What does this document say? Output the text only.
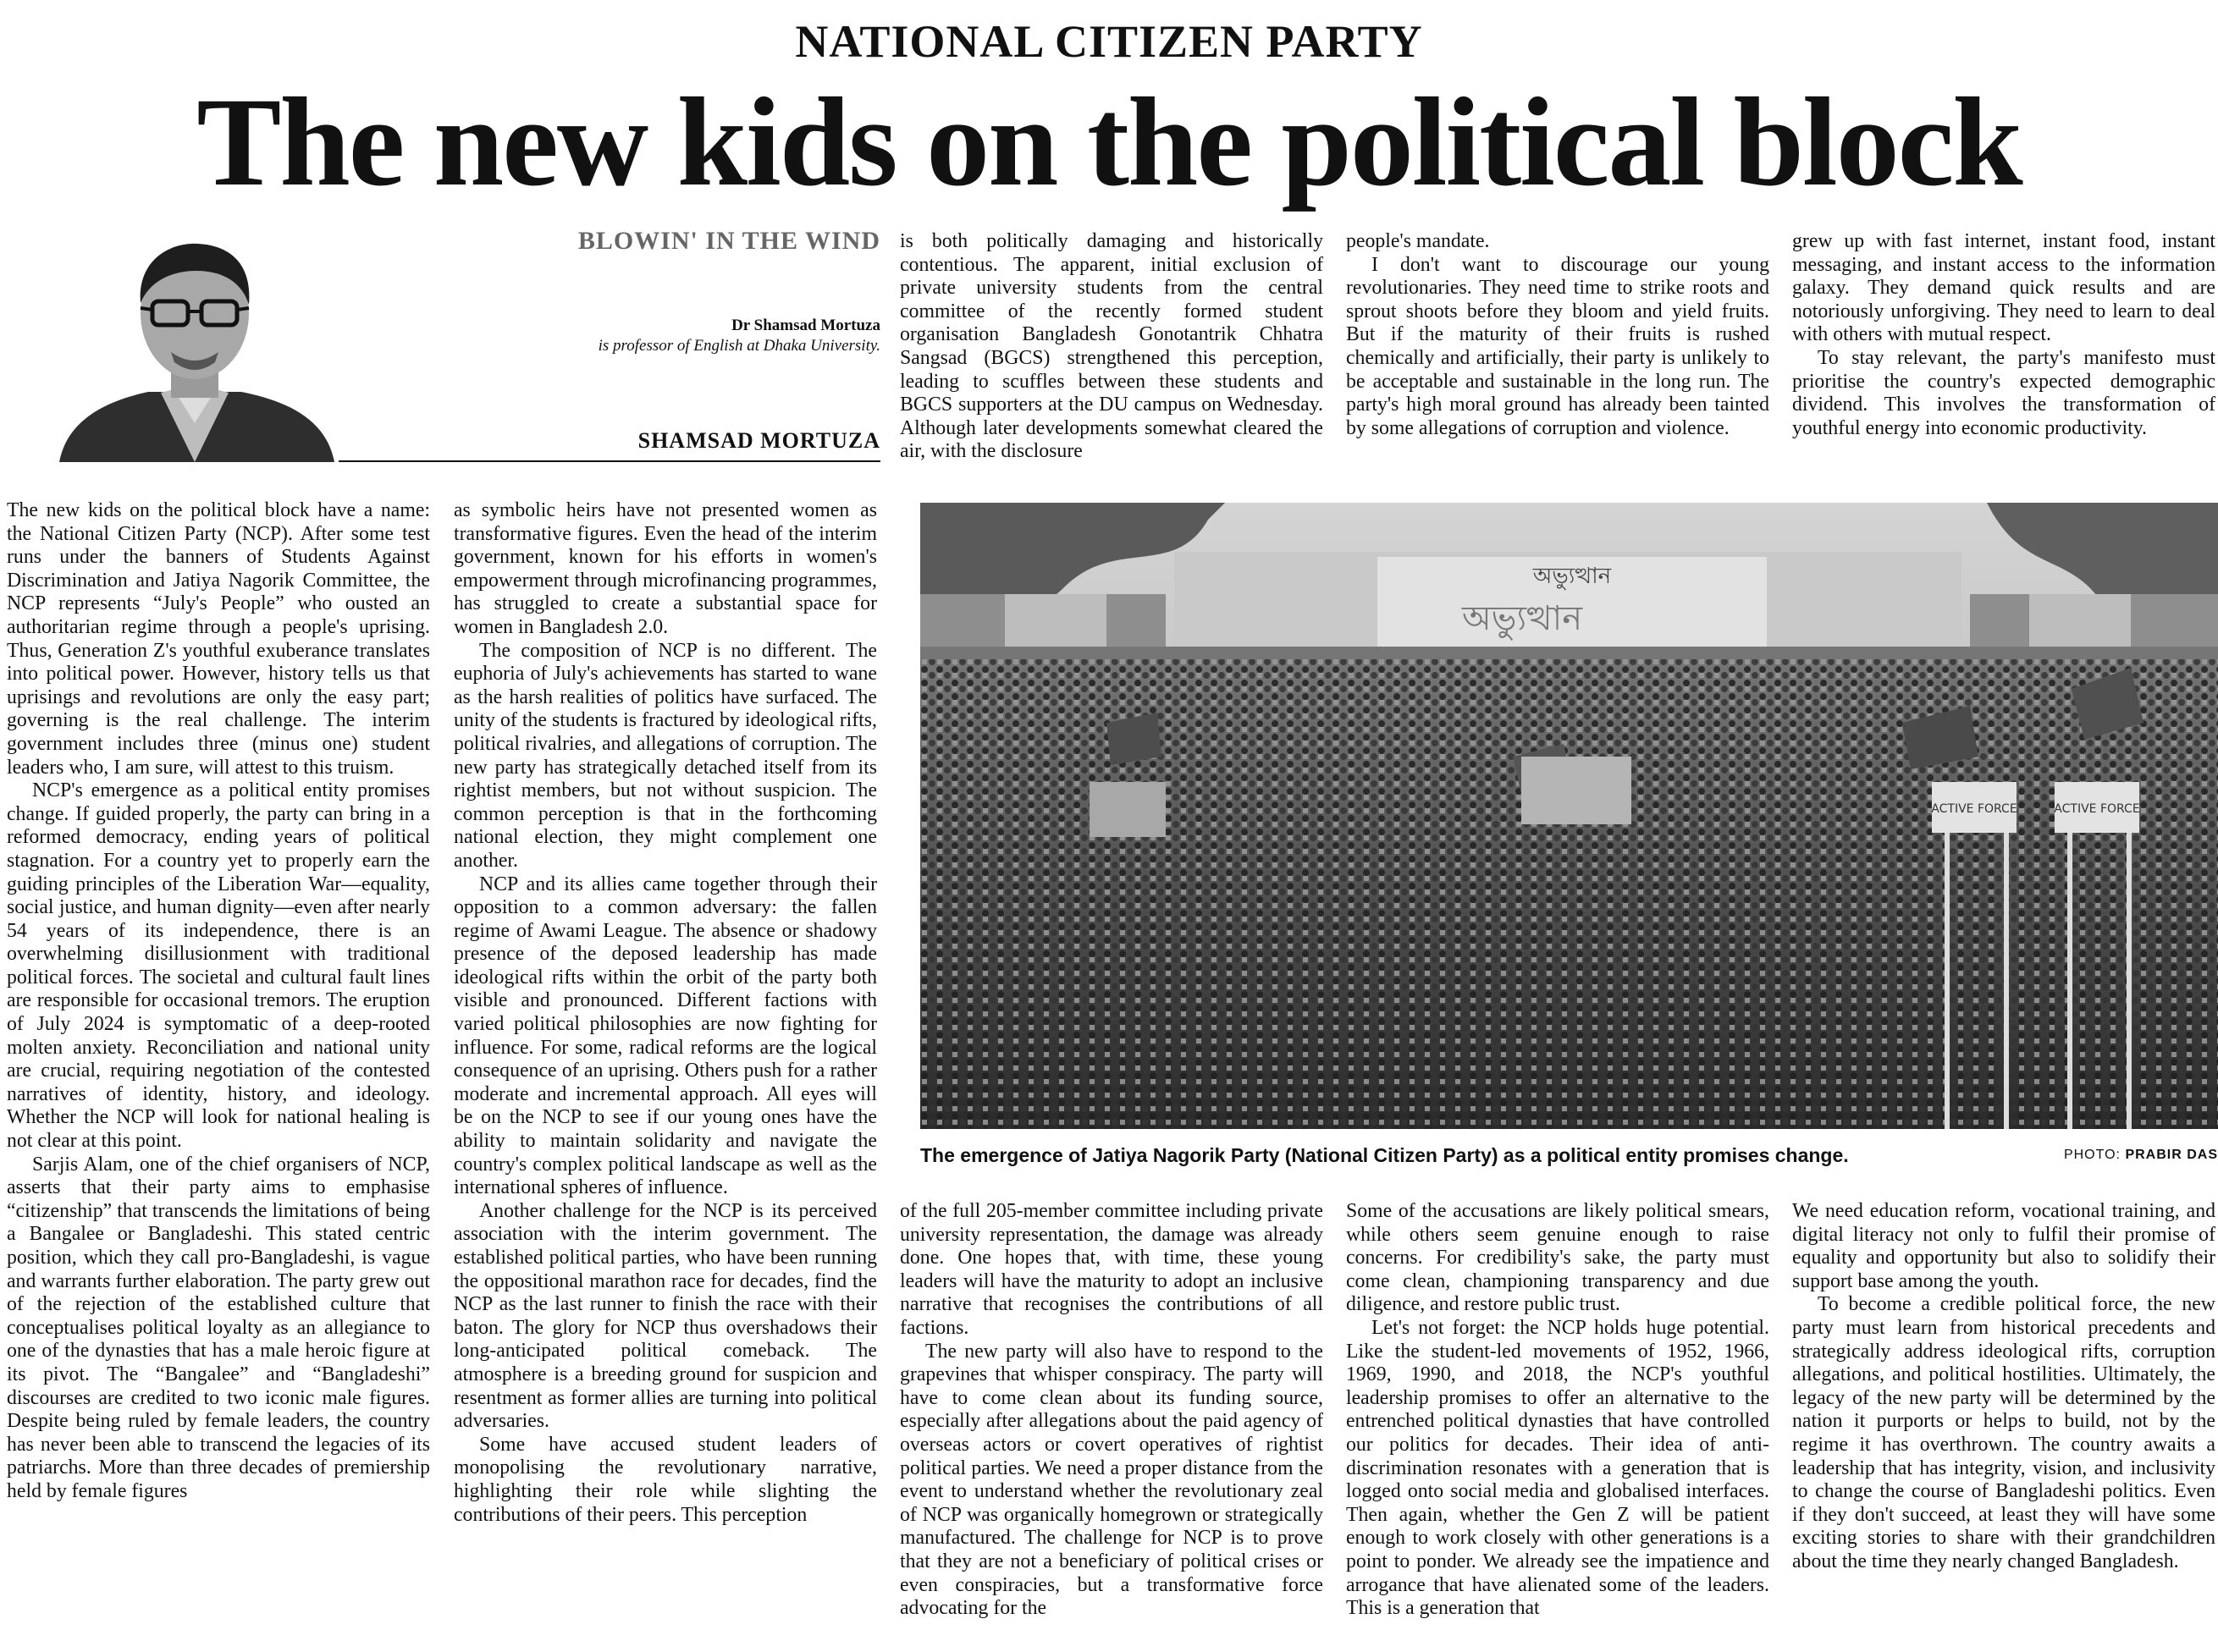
NATIONAL CITIZEN PARTY
The new kids on the political block
BLOWIN' IN THE WIND
Dr Shamsad Mortuza
is professor of English at Dhaka University.
SHAMSAD MORTUZA

is both politically damaging and historically contentious. The apparent, initial exclusion of private university students from the central committee of the recently formed student organisation Bangladesh Gonotantrik Chhatra Sangsad (BGCS) strengthened this perception, leading to scuffles between these students and BGCS supporters at the DU campus on Wednesday. Although later developments somewhat cleared the air, with the disclosure

people's mandate.

I don't want to discourage our young revolutionaries. They need time to strike roots and sprout shoots before they bloom and yield fruits. But if the maturity of their fruits is rushed chemically and artificially, their party is unlikely to be acceptable and sustainable in the long run. The party's high moral ground has already been tainted by some allegations of corruption and violence.

grew up with fast internet, instant food, instant messaging, and instant access to the information galaxy. They demand quick results and are notoriously unforgiving. They need to learn to deal with others with mutual respect.

To stay relevant, the party's manifesto must prioritise the country's expected demographic dividend. This involves the transformation of youthful energy into economic productivity.

The new kids on the political block have a name: the National Citizen Party (NCP). After some test runs under the banners of Students Against Discrimination and Jatiya Nagorik Committee, the NCP represents “July's People” who ousted an authoritarian regime through a people's uprising. Thus, Generation Z's youthful exuberance translates into political power. However, history tells us that uprisings and revolutions are only the easy part; governing is the real challenge. The interim government includes three (minus one) student leaders who, I am sure, will attest to this truism.

NCP's emergence as a political entity promises change. If guided properly, the party can bring in a reformed democracy, ending years of political stagnation. For a country yet to properly earn the guiding principles of the Liberation War—equality, social justice, and human dignity—even after nearly 54 years of its independence, there is an overwhelming disillusionment with traditional political forces. The societal and cultural fault lines are responsible for occasional tremors. The eruption of July 2024 is symptomatic of a deep-rooted molten anxiety. Reconciliation and national unity are crucial, requiring negotiation of the contested narratives of identity, history, and ideology. Whether the NCP will look for national healing is not clear at this point.

Sarjis Alam, one of the chief organisers of NCP, asserts that their party aims to emphasise “citizenship” that transcends the limitations of being a Bangalee or Bangladeshi. This stated centric position, which they call pro-Bangladeshi, is vague and warrants further elaboration. The party grew out of the rejection of the established culture that conceptualises political loyalty as an allegiance to one of the dynasties that has a male heroic figure at its pivot. The “Bangalee” and “Bangladeshi” discourses are credited to two iconic male figures. Despite being ruled by female leaders, the country has never been able to transcend the legacies of its patriarchs. More than three decades of premiership held by female figures

as symbolic heirs have not presented women as transformative figures. Even the head of the interim government, known for his efforts in women's empowerment through microfinancing programmes, has struggled to create a substantial space for women in Bangladesh 2.0.

The composition of NCP is no different. The euphoria of July's achievements has started to wane as the harsh realities of politics have surfaced. The unity of the students is fractured by ideological rifts, political rivalries, and allegations of corruption. The new party has strategically detached itself from its rightist members, but not without suspicion. The common perception is that in the forthcoming national election, they might complement one another.

NCP and its allies came together through their opposition to a common adversary: the fallen regime of Awami League. The absence or shadowy presence of the deposed leadership has made ideological rifts within the orbit of the party both visible and pronounced. Different factions with varied political philosophies are now fighting for influence. For some, radical reforms are the logical consequence of an uprising. Others push for a rather moderate and incremental approach. All eyes will be on the NCP to see if our young ones have the ability to maintain solidarity and navigate the country's complex political landscape as well as the international spheres of influence.

Another challenge for the NCP is its perceived association with the interim government. The established political parties, who have been running the oppositional marathon race for decades, find the NCP as the last runner to finish the race with their baton. The glory for NCP thus overshadows their long-anticipated political comeback. The atmosphere is a breeding ground for suspicion and resentment as former allies are turning into political adversaries.

Some have accused student leaders of monopolising the revolutionary narrative, highlighting their role while slighting the contributions of their peers. This perception

অভ্যুত্থান
অভ্যুত্থান
ACTIVE FORCE	ACTIVE FORCE
The emergence of Jatiya Nagorik Party (National Citizen Party) as a political entity promises change.	PHOTO: PRABIR DAS

of the full 205-member committee including private university representation, the damage was already done. One hopes that, with time, these young leaders will have the maturity to adopt an inclusive narrative that recognises the contributions of all factions.

The new party will also have to respond to the grapevines that whisper conspiracy. The party will have to come clean about its funding source, especially after allegations about the paid agency of overseas actors or covert operatives of rightist political parties. We need a proper distance from the event to understand whether the revolutionary zeal of NCP was organically homegrown or strategically manufactured. The challenge for NCP is to prove that they are not a beneficiary of political crises or even conspiracies, but a transformative force advocating for the

Some of the accusations are likely political smears, while others seem genuine enough to raise concerns. For credibility's sake, the party must come clean, championing transparency and due diligence, and restore public trust.

Let's not forget: the NCP holds huge potential. Like the student-led movements of 1952, 1966, 1969, 1990, and 2018, the NCP's youthful leadership promises to offer an alternative to the entrenched political dynasties that have controlled our politics for decades. Their idea of anti-discrimination resonates with a generation that is logged onto social media and globalised interfaces. Then again, whether the Gen Z will be patient enough to work closely with other generations is a point to ponder. We already see the impatience and arrogance that have alienated some of the leaders. This is a generation that

We need education reform, vocational training, and digital literacy not only to fulfil their promise of equality and opportunity but also to solidify their support base among the youth.

To become a credible political force, the new party must learn from historical precedents and strategically address ideological rifts, corruption allegations, and political hostilities. Ultimately, the legacy of the new party will be determined by the nation it purports or helps to build, not by the regime it has overthrown. The country awaits a leadership that has integrity, vision, and inclusivity to change the course of Bangladeshi politics. Even if they don't succeed, at least they will have some exciting stories to share with their grandchildren about the time they nearly changed Bangladesh.
